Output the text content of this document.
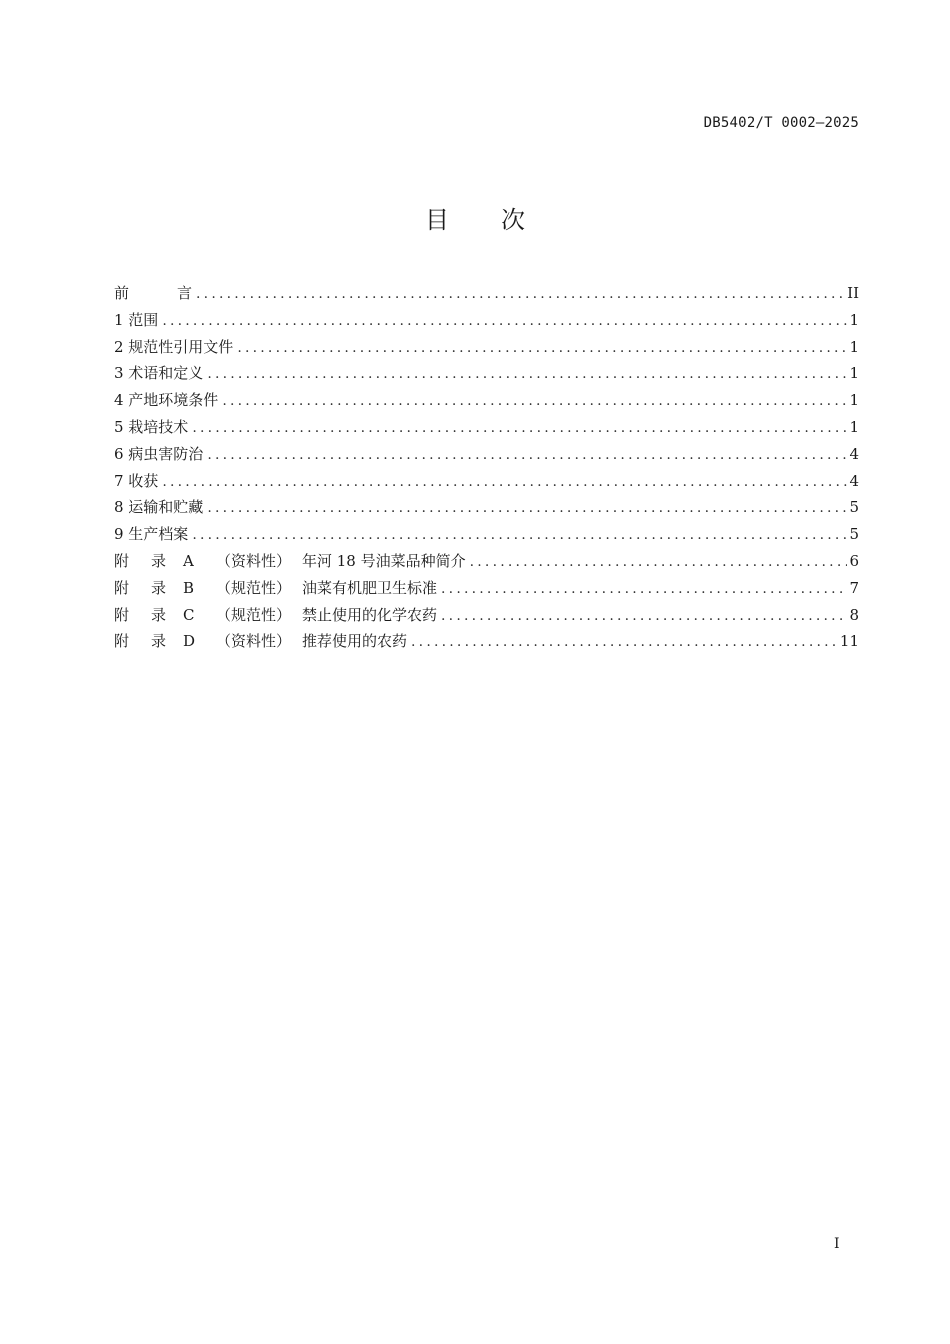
DB5402/T 0002—2025
目 次
前	言 .....	II
1 范围 .....	1
2 规范性引用文件 .....	1
3 术语和定义 .....	1
4 产地环境条件 .....	1
5 栽培技术 .....	1
6 病虫害防治 .....	4
7 收获 .....	4
8 运输和贮藏 .....	5
9 生产档案 .....	5
附 录 A （资料性） 年河 18 号油菜品种简介 .....	6
附 录 B （规范性） 油菜有机肥卫生标准 .....	7
附 录 C （规范性） 禁止使用的化学农药 .....	8
附 录 D （资料性） 推荐使用的农药 .....	11
I
